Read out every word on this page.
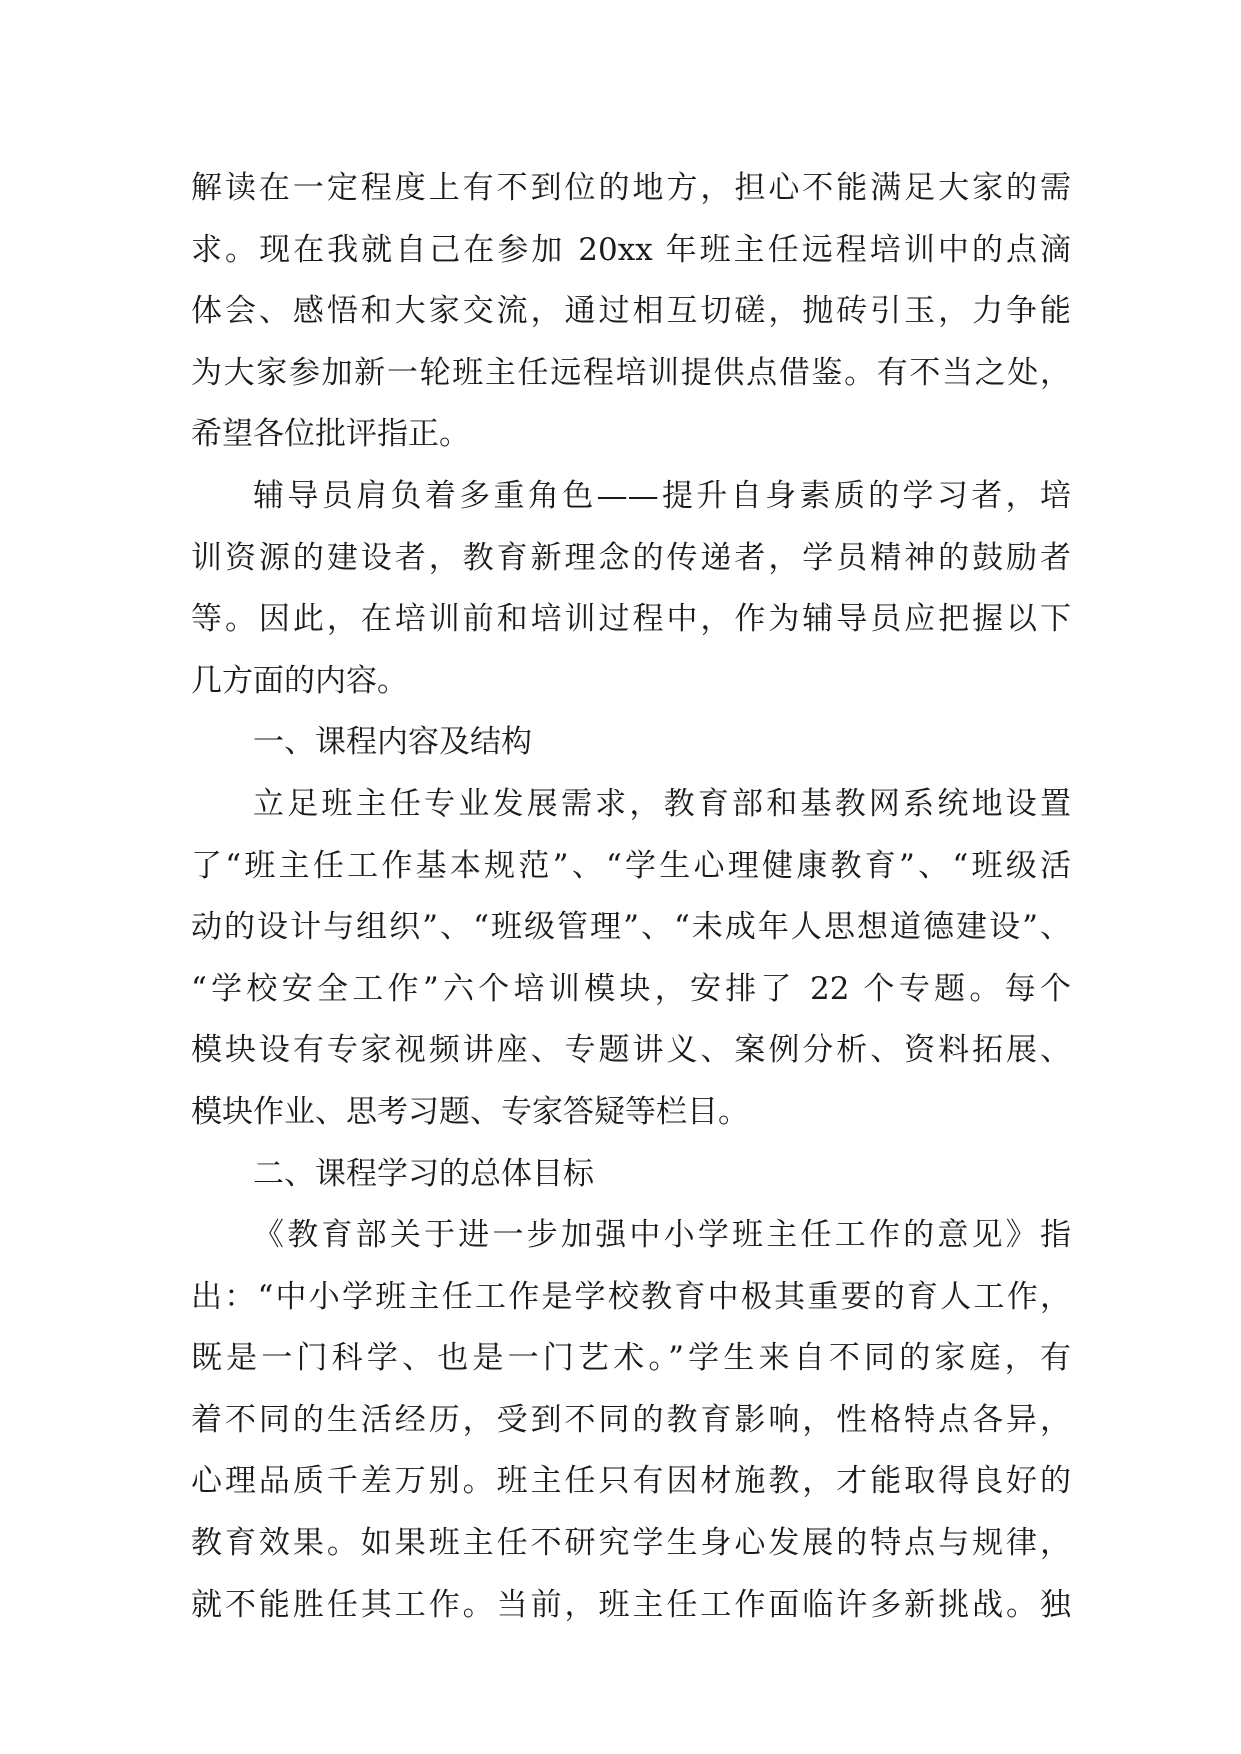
解读在一定程度上有不到位的地方，担心不能满足大家的需
求。现在我就自己在参加 20xx 年班主任远程培训中的点滴
体会、感悟和大家交流，通过相互切磋，抛砖引玉，力争能
为大家参加新一轮班主任远程培训提供点借鉴。有不当之处，
希望各位批评指正。
辅导员肩负着多重角色——提升自身素质的学习者，培
训资源的建设者，教育新理念的传递者，学员精神的鼓励者
等。因此，在培训前和培训过程中，作为辅导员应把握以下
几方面的内容。
一、课程内容及结构
立足班主任专业发展需求，教育部和基教网系统地设置
了“班主任工作基本规范”、“学生心理健康教育”、“班级活
动的设计与组织”、“班级管理”、“未成年人思想道德建设”、
“学校安全工作”六个培训模块，安排了 22 个专题。每个
模块设有专家视频讲座、专题讲义、案例分析、资料拓展、
模块作业、思考习题、专家答疑等栏目。
二、课程学习的总体目标
《教育部关于进一步加强中小学班主任工作的意见》指
出：“中小学班主任工作是学校教育中极其重要的育人工作，
既是一门科学、也是一门艺术。”学生来自不同的家庭，有
着不同的生活经历，受到不同的教育影响，性格特点各异，
心理品质千差万别。班主任只有因材施教，才能取得良好的
教育效果。如果班主任不研究学生身心发展的特点与规律，
就不能胜任其工作。当前，班主任工作面临许多新挑战。独
